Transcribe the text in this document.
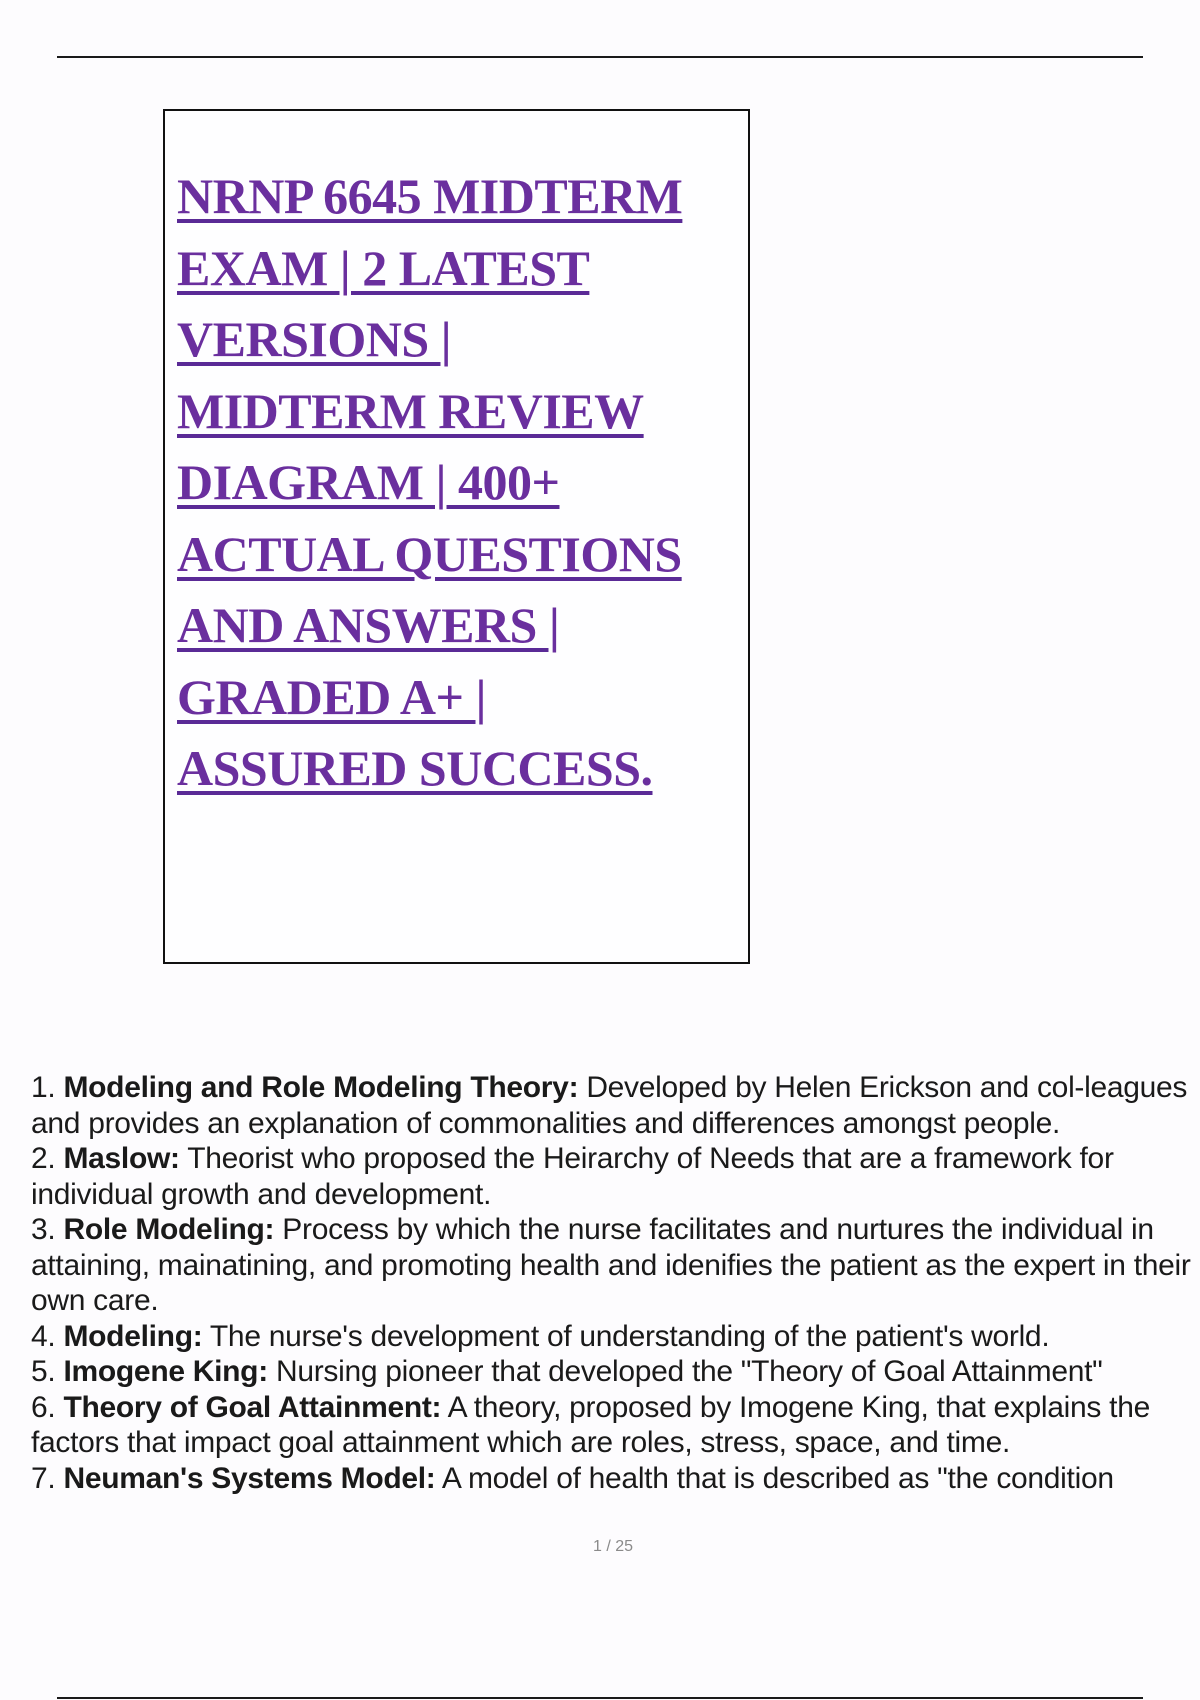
NRNP 6645 MIDTERM
EXAM | 2 LATEST
VERSIONS |
MIDTERM REVIEW
DIAGRAM | 400+
ACTUAL QUESTIONS
AND ANSWERS |
GRADED A+ |
ASSURED SUCCESS.
1. Modeling and Role Modeling Theory: Developed by Helen Erickson and col-leagues and provides an explanation of commonalities and differences amongst people.
2. Maslow: Theorist who proposed the Heirarchy of Needs that are a framework for individual growth and development.
3. Role Modeling: Process by which the nurse facilitates and nurtures the individual in attaining, mainatining, and promoting health and idenifies the patient as the expert in their own care.
4. Modeling: The nurse's development of understanding of the patient's world.
5. Imogene King: Nursing pioneer that developed the "Theory of Goal Attainment"
6. Theory of Goal Attainment: A theory, proposed by Imogene King, that explains the factors that impact goal attainment which are roles, stress, space, and time.
7. Neuman's Systems Model: A model of health that is described as "the condition
1 / 25
